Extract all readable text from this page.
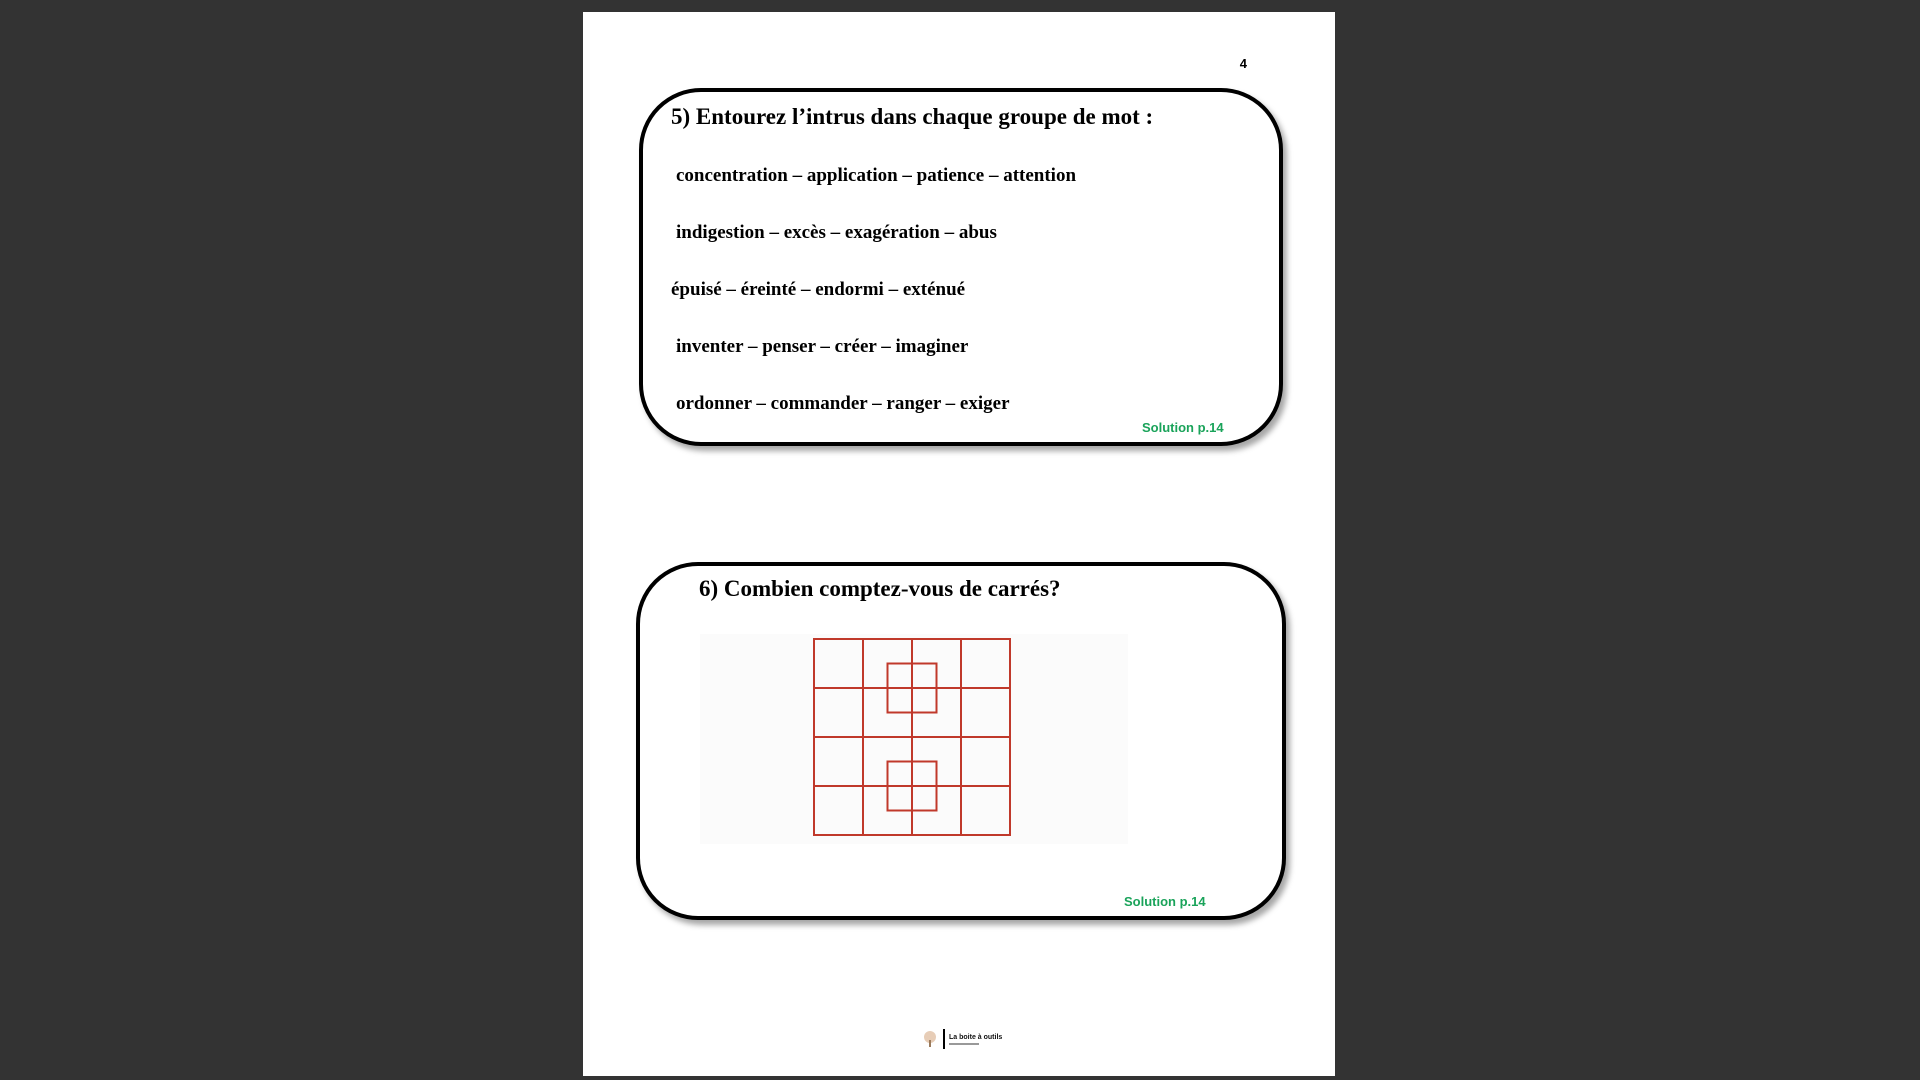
4
5) Entourez l’intrus dans chaque groupe de mot :
concentration – application – patience – attention
indigestion – excès – exagération – abus
épuisé – éreinté – endormi – exténué
inventer – penser – créer – imaginer
ordonner – commander – ranger – exiger
Solution p.14
6) Combien comptez-vous de carrés?
Solution p.14
La boite à outils
